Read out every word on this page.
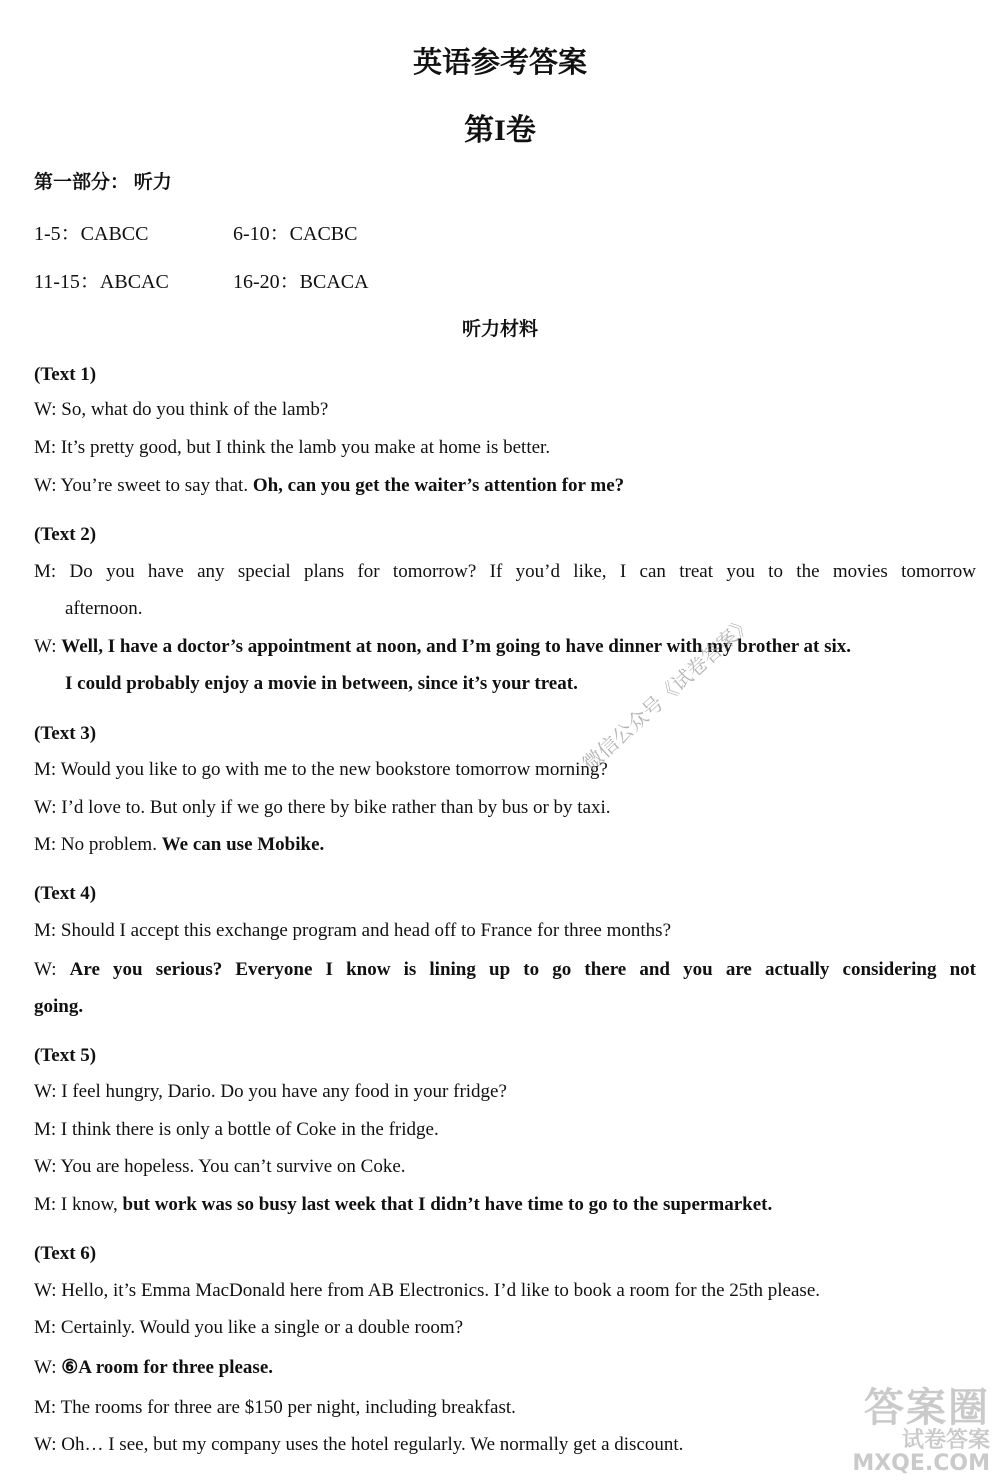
英语参考答案
第I卷
第一部分： 听力
1-5：CABCC	6-10：CACBC
11-15：ABCAC	16-20：BCACA
听力材料
(Text 1)
W: So, what do you think of the lamb?
M: It’s pretty good, but I think the lamb you make at home is better.
W: You’re sweet to say that. Oh, can you get the waiter’s attention for me?
(Text 2)
M: Do you have any special plans for tomorrow? If you’d like, I can treat you to the movies tomorrow
afternoon.
W: Well, I have a doctor’s appointment at noon, and I’m going to have dinner with my brother at six.
I could probably enjoy a movie in between, since it’s your treat.
(Text 3)
M: Would you like to go with me to the new bookstore tomorrow morning?
W: I’d love to. But only if we go there by bike rather than by bus or by taxi.
M: No problem. We can use Mobike.
(Text 4)
M: Should I accept this exchange program and head off to France for three months?
W: Are you serious? Everyone I know is lining up to go there and you are actually considering not
going.
(Text 5)
W: I feel hungry, Dario. Do you have any food in your fridge?
M: I think there is only a bottle of Coke in the fridge.
W: You are hopeless. You can’t survive on Coke.
M: I know, but work was so busy last week that I didn’t have time to go to the supermarket.
(Text 6)
W: Hello, it’s Emma MacDonald here from AB Electronics. I’d like to book a room for the 25th please.
M: Certainly. Would you like a single or a double room?
W: ⑥A room for three please.
M: The rooms for three are $150 per night, including breakfast.
W: Oh… I see, but my company uses the hotel regularly. We normally get a discount.
微信公众号《试卷答案》
答案圈
试卷答案
MXQE.COM
